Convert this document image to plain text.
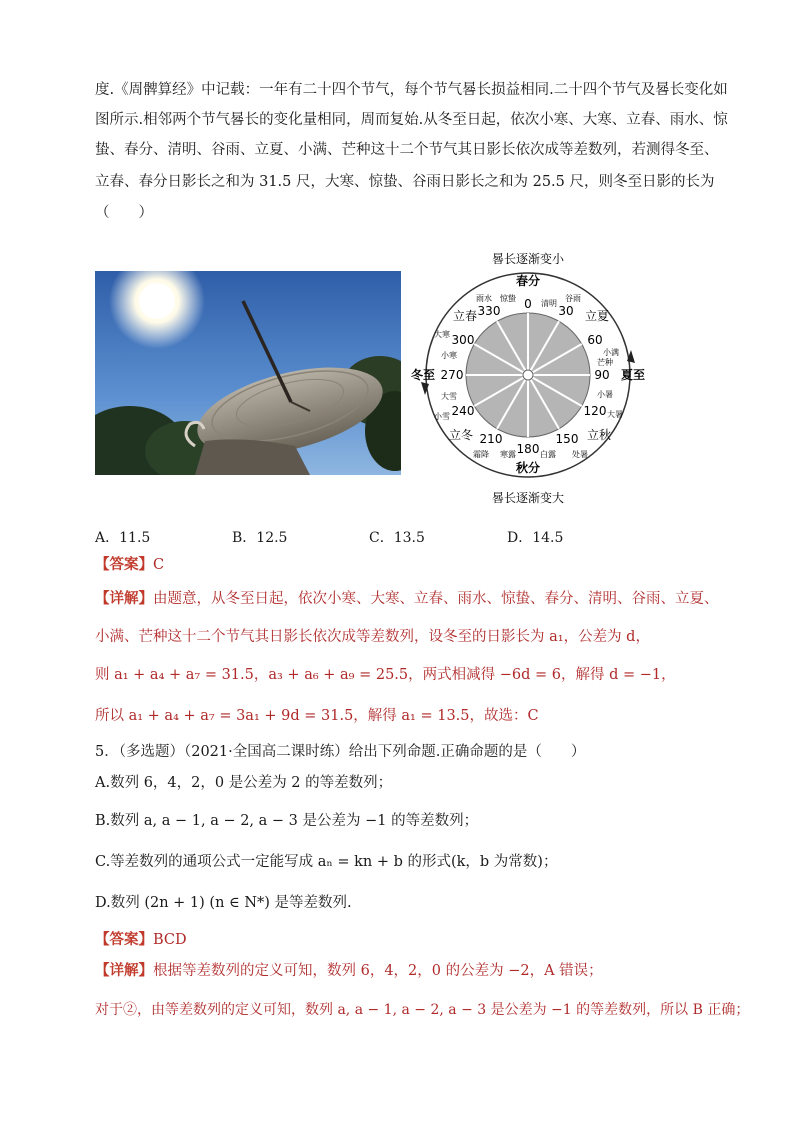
度.《周髀算经》中记载：一年有二十四个节气，每个节气晷长损益相同.二十四个节气及晷长变化如
图所示.相邻两个节气晷长的变化量相同，周而复始.从冬至日起，依次小寒、大寒、立春、雨水、惊
蛰、春分、清明、谷雨、立夏、小满、芒种这十二个节气其日影长依次成等差数列，若测得冬至、
立春、春分日影长之和为 31.5 尺，大寒、惊蛰、谷雨日影长之和为 25.5 尺，则冬至日影的长为
（　　）
晷长逐渐变小
晷长逐渐变大
春分
夏至
秋分
冬至
立春	立夏
立秋
立冬
0 30
60
90
120
150
180
210
240
270
300
330
清明
谷雨
小满
芒种
小暑
大暑
处暑
白露
寒露
霜降
小雪
大雪
小寒
大寒
雨水 惊蛰
A．11.5	B．12.5	C．13.5	D．14.5
【答案】C
【详解】由题意，从冬至日起，依次小寒、大寒、立春、雨水、惊蛰、春分、清明、谷雨、立夏、
小满、芒种这十二个节气其日影长依次成等差数列，设冬至的日影长为 a₁，公差为 d，
则 a₁ + a₄ + a₇ = 31.5，a₃ + a₆ + a₉ = 25.5，两式相减得 −6d = 6，解得 d = −1，
所以 a₁ + a₄ + a₇ = 3a₁ + 9d = 31.5，解得 a₁ = 13.5，故选：C
5．（多选题）（2021·全国高二课时练）给出下列命题.正确命题的是（　　）
A.数列 6，4，2，0 是公差为 2 的等差数列；
B.数列 a, a − 1, a − 2, a − 3 是公差为 −1 的等差数列；
C.等差数列的通项公式一定能写成 aₙ = kn + b 的形式(k，b 为常数)；
D.数列 (2n + 1) (n ∈ N*) 是等差数列.
【答案】BCD
【详解】根据等差数列的定义可知，数列 6，4，2，0 的公差为 −2，A 错误；
对于②，由等差数列的定义可知，数列 a, a − 1, a − 2, a − 3 是公差为 −1 的等差数列，所以 B 正确；
